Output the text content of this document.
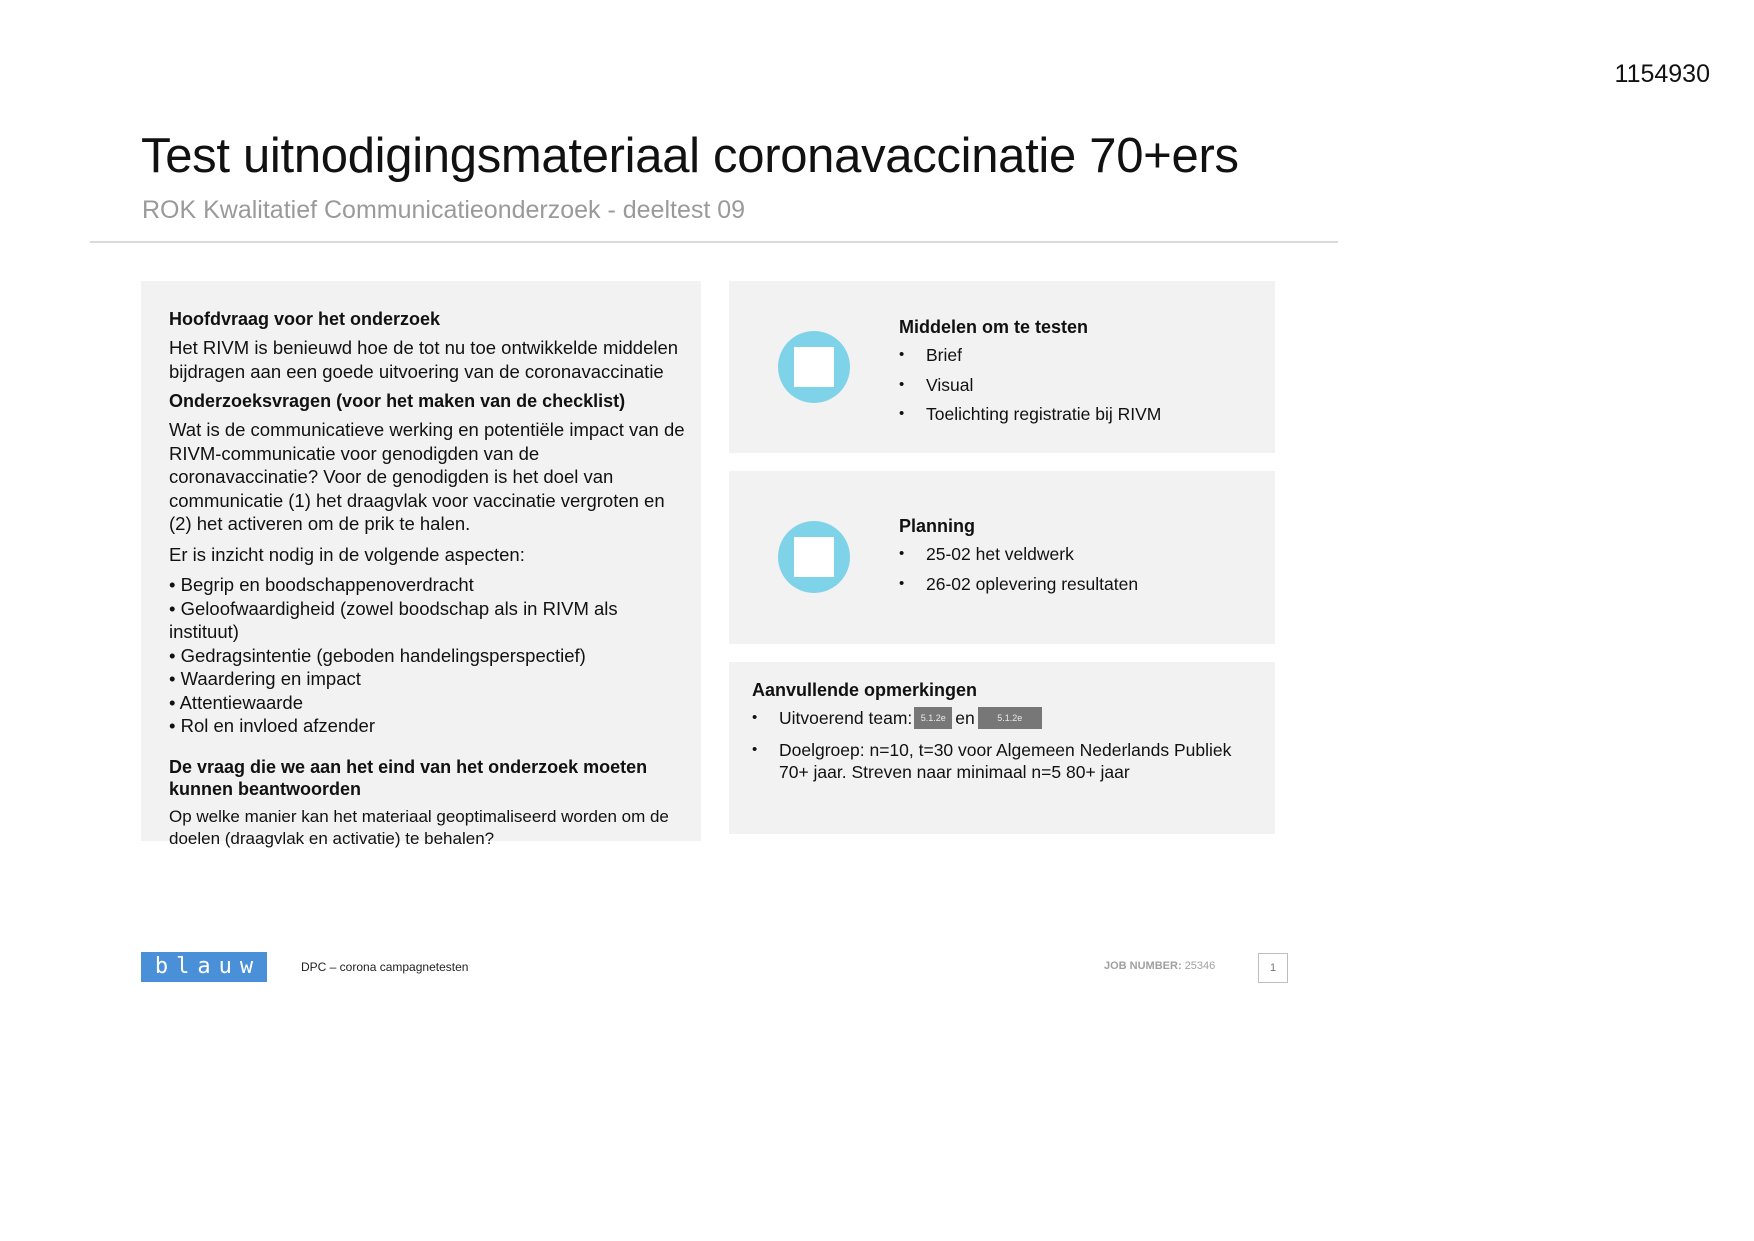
1154930
Test uitnodigingsmateriaal coronavaccinatie 70+ers
ROK Kwalitatief Communicatieonderzoek - deeltest 09
Hoofdvraag voor het onderzoek
Het RIVM is benieuwd hoe de tot nu toe ontwikkelde middelen bijdragen aan een goede uitvoering van de coronavaccinatie
Onderzoeksvragen (voor het maken van de checklist)
Wat is de communicatieve werking en potentiële impact van de RIVM-communicatie voor genodigden van de coronavaccinatie? Voor de genodigden is het doel van communicatie (1) het draagvlak voor vaccinatie vergroten en (2) het activeren om de prik te halen.
Er is inzicht nodig in de volgende aspecten:
• Begrip en boodschappenoverdracht
• Geloofwaardigheid (zowel boodschap als in RIVM als instituut)
• Gedragsintentie (geboden handelingsperspectief)
• Waardering en impact
• Attentiewaarde
• Rol en invloed afzender
De vraag die we aan het eind van het onderzoek moeten kunnen beantwoorden
Op welke manier kan het materiaal geoptimaliseerd worden om de doelen (draagvlak en activatie) te behalen?
Middelen om te testen
• Brief
• Visual
• Toelichting registratie bij RIVM
Planning
• 25-02 het veldwerk
• 26-02 oplevering resultaten
Aanvullende opmerkingen
• Uitvoerend team: 5.1.2e en 5.1.2e
• Doelgroep: n=10, t=30 voor Algemeen Nederlands Publiek 70+ jaar. Streven naar minimaal n=5 80+ jaar
blauw	DPC – corona campagnetesten	JOB NUMBER: 25346	1
